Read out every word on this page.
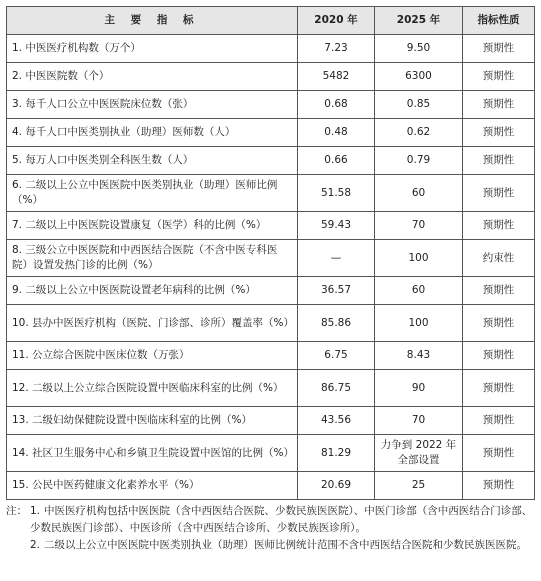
主 要 指 标	2020 年	2025 年	指标性质
1. 中医医疗机构数（万个）	7.23	9.50	预期性
2. 中医医院数（个）	5482	6300	预期性
3. 每千人口公立中医医院床位数（张）	0.68	0.85	预期性
4. 每千人口中医类别执业（助理）医师数（人）	0.48	0.62	预期性
5. 每万人口中医类别全科医生数（人）	0.66	0.79	预期性
6. 二级以上公立中医医院中医类别执业（助理）医师比例（%）	51.58	60	预期性
7. 二级以上中医医院设置康复（医学）科的比例（%）	59.43	70	预期性
8. 三级公立中医医院和中西医结合医院（不含中医专科医院）设置发热门诊的比例（%）	—	100	约束性
9. 二级以上公立中医医院设置老年病科的比例（%）	36.57	60	预期性
10. 县办中医医疗机构（医院、门诊部、诊所）覆盖率（%）	85.86	100	预期性
11. 公立综合医院中医床位数（万张）	6.75	8.43	预期性
12. 二级以上公立综合医院设置中医临床科室的比例（%）	86.75	90	预期性
13. 二级妇幼保健院设置中医临床科室的比例（%）	43.56	70	预期性
14. 社区卫生服务中心和乡镇卫生院设置中医馆的比例（%）	81.29	力争到 2022 年全部设置	预期性
15. 公民中医药健康文化素养水平（%）	20.69	25	预期性
注： 1. 中医医疗机构包括中医医院（含中西医结合医院、少数民族医医院）、中医门诊部（含中西医结合门诊部、少数民族医门诊部）、中医诊所（含中西医结合诊所、少数民族医诊所）。
2. 二级以上公立中医医院中医类别执业（助理）医师比例统计范围不含中西医结合医院和少数民族医医院。
